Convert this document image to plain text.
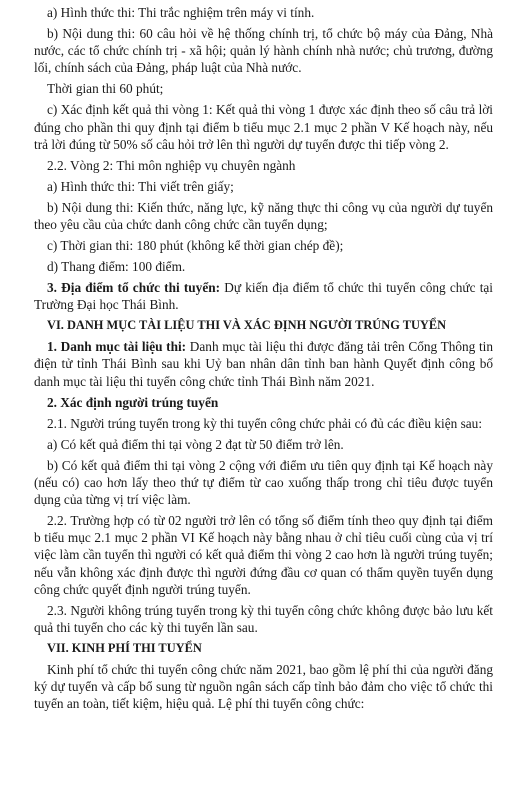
a) Hình thức thi: Thi trắc nghiệm trên máy vi tính.

b) Nội dung thi: 60 câu hỏi về hệ thống chính trị, tổ chức bộ máy của Đảng, Nhà nước, các tổ chức chính trị - xã hội; quản lý hành chính nhà nước; chủ trương, đường lối, chính sách của Đảng, pháp luật của Nhà nước.

Thời gian thi 60 phút;

c) Xác định kết quả thi vòng 1: Kết quả thi vòng 1 được xác định theo số câu trả lời đúng cho phần thi quy định tại điểm b tiểu mục 2.1 mục 2 phần V Kế hoạch này, nếu trả lời đúng từ 50% số câu hỏi trở lên thì người dự tuyển được thi tiếp vòng 2.

2.2. Vòng 2: Thi môn nghiệp vụ chuyên ngành

a) Hình thức thi: Thi viết trên giấy;

b) Nội dung thi: Kiến thức, năng lực, kỹ năng thực thi công vụ của người dự tuyển theo yêu cầu của chức danh công chức cần tuyển dụng;

c) Thời gian thi: 180 phút (không kể thời gian chép đề);

d) Thang điểm: 100 điểm.

3. Địa điểm tổ chức thi tuyển: Dự kiến địa điểm tổ chức thi tuyển công chức tại Trường Đại học Thái Bình.

VI. DANH MỤC TÀI LIỆU THI VÀ XÁC ĐỊNH NGƯỜI TRÚNG TUYỂN

1. Danh mục tài liệu thi: Danh mục tài liệu thi được đăng tải trên Cổng Thông tin điện tử tỉnh Thái Bình sau khi Uỷ ban nhân dân tỉnh ban hành Quyết định công bố danh mục tài liệu thi tuyển công chức tỉnh Thái Bình năm 2021.

2. Xác định người trúng tuyển

2.1. Người trúng tuyển trong kỳ thi tuyển công chức phải có đủ các điều kiện sau:

a) Có kết quả điểm thi tại vòng 2 đạt từ 50 điểm trở lên.

b) Có kết quả điểm thi tại vòng 2 cộng với điểm ưu tiên quy định tại Kế hoạch này (nếu có) cao hơn lấy theo thứ tự điểm từ cao xuống thấp trong chỉ tiêu được tuyển dụng của từng vị trí việc làm.

2.2. Trường hợp có từ 02 người trở lên có tổng số điểm tính theo quy định tại điểm b tiểu mục 2.1 mục 2 phần VI Kế hoạch này bằng nhau ở chỉ tiêu cuối cùng của vị trí việc làm cần tuyển thì người có kết quả điểm thi vòng 2 cao hơn là người trúng tuyển; nếu vẫn không xác định được thì người đứng đầu cơ quan có thẩm quyền tuyển dụng công chức quyết định người trúng tuyển.

2.3. Người không trúng tuyển trong kỳ thi tuyển công chức không được bảo lưu kết quả thi tuyển cho các kỳ thi tuyển lần sau.

VII. KINH PHÍ THI TUYỂN

Kinh phí tổ chức thi tuyển công chức năm 2021, bao gồm lệ phí thi của người đăng ký dự tuyển và cấp bổ sung từ nguồn ngân sách cấp tỉnh bảo đảm cho việc tổ chức thi tuyển an toàn, tiết kiệm, hiệu quả. Lệ phí thi tuyển công chức:
